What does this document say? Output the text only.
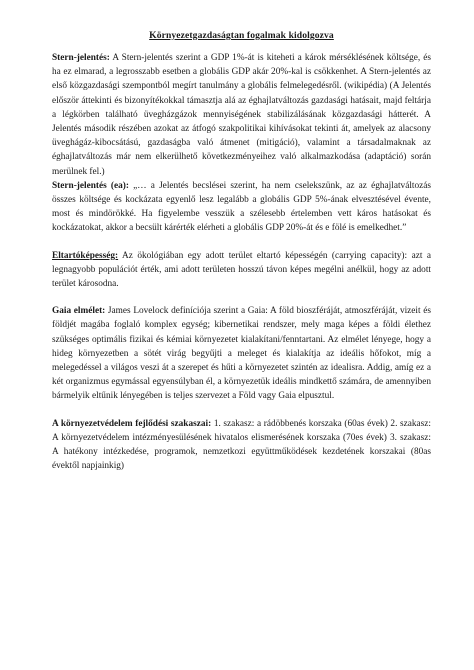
Környezetgazdaságtan fogalmak kidolgozva

Stern-jelentés: A Stern-jelentés szerint a GDP 1%-át is kiteheti a károk mérséklésének költsége, és ha ez elmarad, a legrosszabb esetben a globális GDP akár 20%-kal is csökkenhet. A Stern-jelentés az első közgazdasági szempontból megírt tanulmány a globális felmelegedésről. (wikipédia) (A Jelentés először áttekinti és bizonyítékokkal támasztja alá az éghajlatváltozás gazdasági hatásait, majd feltárja a légkörben található üvegházgázok mennyiségének stabilizálásának közgazdasági hátterét. A Jelentés második részében azokat az átfogó szakpolitikai kihívásokat tekinti át, amelyek az alacsony üveghágáz-kibocsátású, gazdaságba való átmenet (mitigáció), valamint a társadalmaknak az éghajlatváltozás már nem elkerülhető következményeihez való alkalmazkodása (adaptáció) során merülnek fel.)

Stern-jelentés (ea): „… a Jelentés becslései szerint, ha nem cselekszünk, az az éghajlatváltozás összes költsége és kockázata egyenlő lesz legalább a globális GDP 5%-ának elvesztésével évente, most és mindörökké. Ha figyelembe vesszük a szélesebb értelemben vett káros hatásokat és kockázatokat, akkor a becsült kárérték elérheti a globális GDP 20%-át és e fölé is emelkedhet.”

Eltartóképesség: Az ökológiában egy adott terület eltartó képességén (carrying capacity): azt a legnagyobb populációt érték, ami adott területen hosszú távon képes megélni anélkül, hogy az adott terület károsodna.

Gaia elmélet: James Lovelock definíciója szerint a Gaia: A föld bioszféráját, atmoszféráját, vizeit és földjét magába foglaló komplex egység; kibernetikai rendszer, mely maga képes a földi élethez szükséges optimális fizikai és kémiai környezetet kialakítani/fenntartani. Az elmélet lényege, hogy a hideg környezetben a sötét virág begyűjti a meleget és kialakítja az ideális hőfokot, míg a melegedéssel a világos veszi át a szerepet és hűti a környezetet szintén az idealisra. Addig, amíg ez a két organizmus egymással egyensúlyban él, a környezetük ideális mindkettő számára, de amennyiben bármelyik eltűnik lényegében is teljes szervezet a Föld vagy Gaia elpusztul.

A környezetvédelem fejlődési szakaszai: 1. szakasz: a rádöbbenés korszaka (60as évek) 2. szakasz: A környezetvédelem intézményesülésének hivatalos elismerésének korszaka (70es évek) 3. szakasz: A hatékony intézkedése, programok, nemzetkozi együttműködések kezdetének korszakai (80as évektől napjainkig)
